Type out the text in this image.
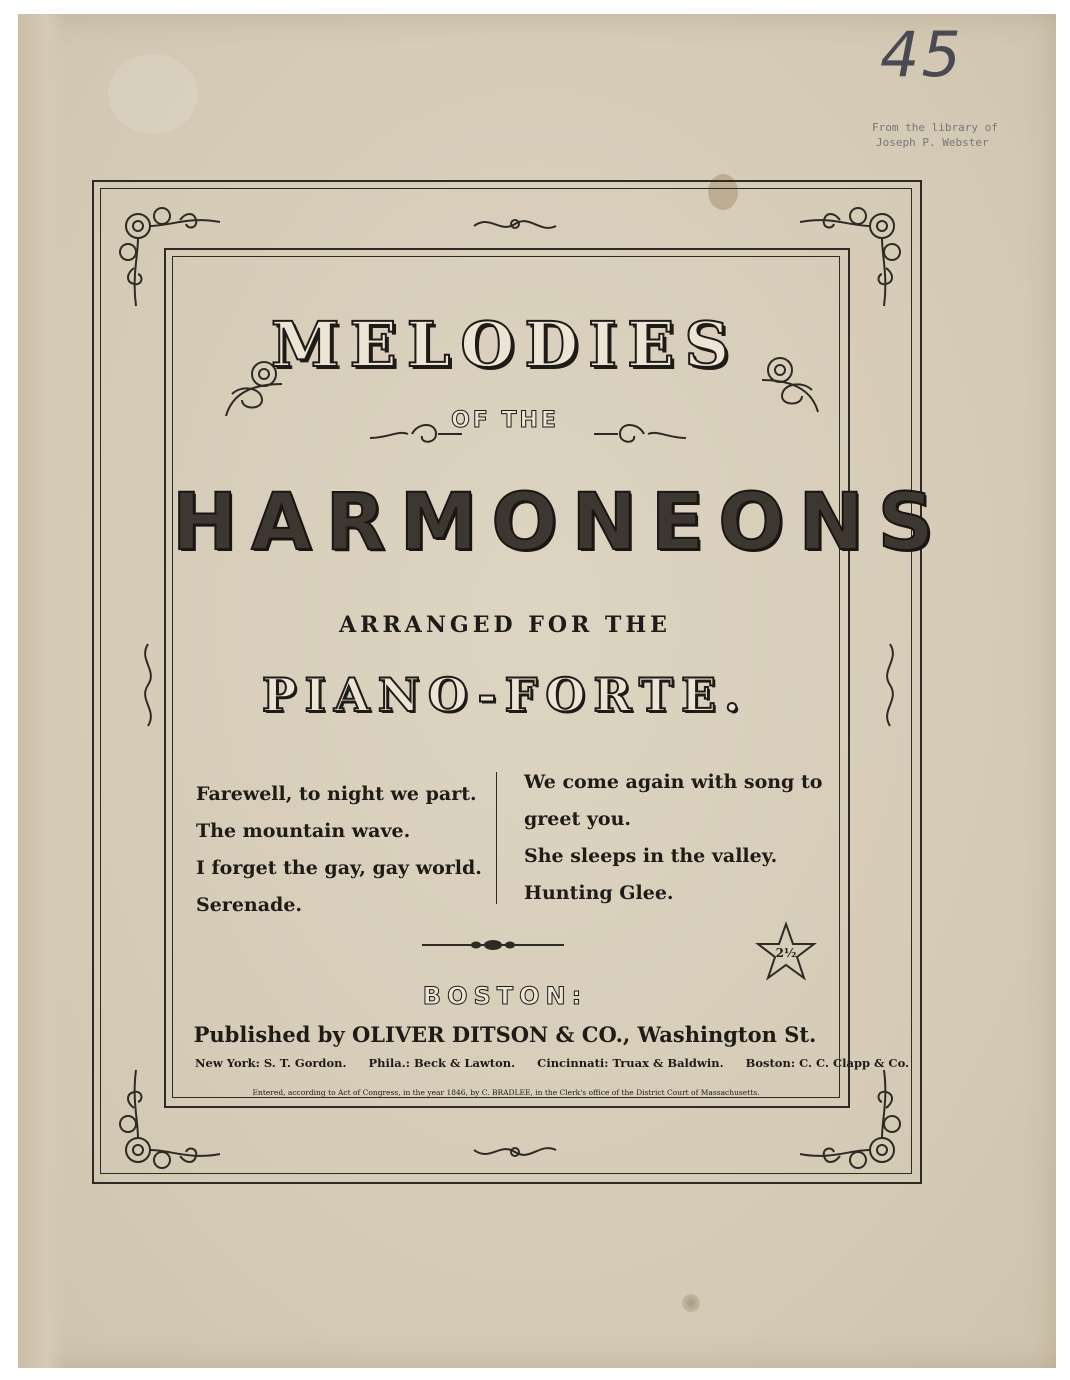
45
From the library of
Joseph P. Webster
MELODIES
OF THE
HARMONEONS
ARRANGED FOR THE
PIANO-FORTE.
Farewell, to night we part.
The mountain wave.
I forget the gay, gay world.
Serenade.
We come again with song to greet you.
She sleeps in the valley.
Hunting Glee.
2½
BOSTON:
Published by OLIVER DITSON & CO., Washington St.
New York: S. T. Gordon. Phila.: Beck & Lawton. Cincinnati: Truax & Baldwin. Boston: C. C. Clapp & Co.
Entered, according to Act of Congress, in the year 1846, by C. BRADLEE, in the Clerk's office of the District Court of Massachusetts.
